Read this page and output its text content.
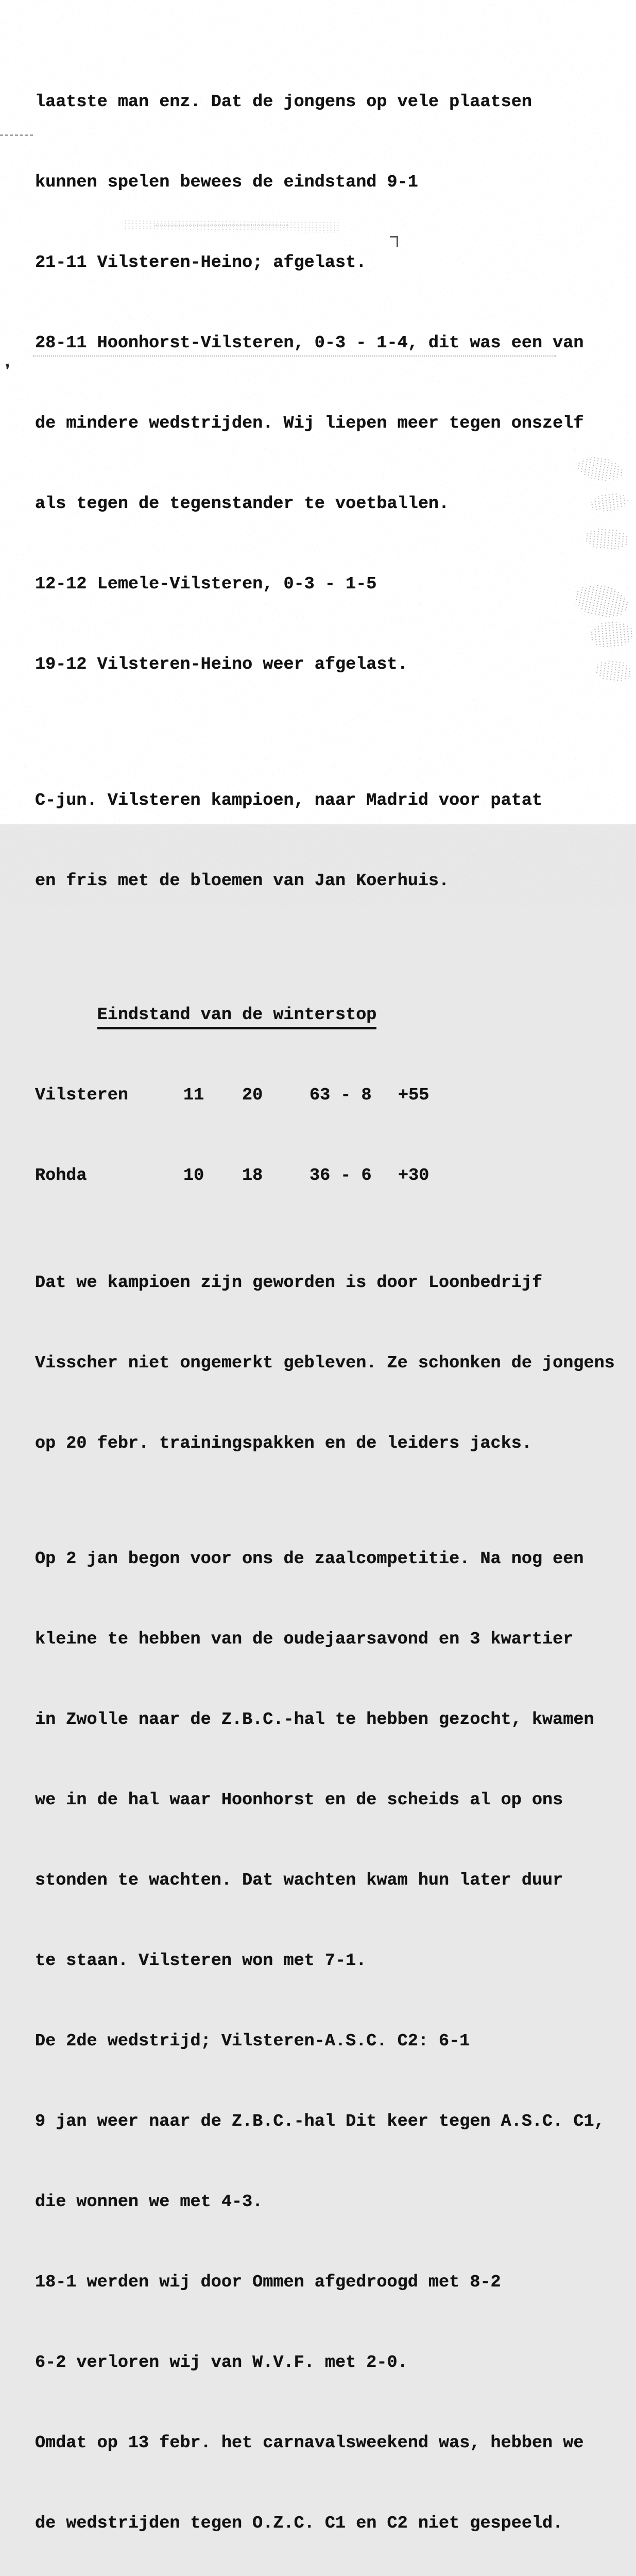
,

laatste man enz. Dat de jongens op vele plaatsen

kunnen spelen bewees de eindstand 9-1

21-11 Vilsteren-Heino; afgelast.

28-11 Hoonhorst-Vilsteren, 0-3 - 1-4, dit was een van

de mindere wedstrijden. Wij liepen meer tegen onszelf

als tegen de tegenstander te voetballen.

12-12 Lemele-Vilsteren, 0-3 - 1-5

19-12 Vilsteren-Heino weer afgelast.

C-jun. Vilsteren kampioen, naar Madrid voor patat

en fris met de bloemen van Jan Koerhuis.

Eindstand van de winterstop

Vilsteren	11	20	63 - 8	+55

Rohda	10	18	36 - 6	+30

Dat we kampioen zijn geworden is door Loonbedrijf

Visscher niet ongemerkt gebleven. Ze schonken de jongens

op 20 febr. trainingspakken en de leiders jacks.

Op 2 jan begon voor ons de zaalcompetitie. Na nog een

kleine te hebben van de oudejaarsavond en 3 kwartier

in Zwolle naar de Z.B.C.-hal te hebben gezocht, kwamen

we in de hal waar Hoonhorst en de scheids al op ons

stonden te wachten. Dat wachten kwam hun later duur

te staan. Vilsteren won met 7-1.

De 2de wedstrijd; Vilsteren-A.S.C. C2: 6-1

9 jan weer naar de Z.B.C.-hal Dit keer tegen A.S.C. C1,

die wonnen we met 4-3.

18-1 werden wij door Ommen afgedroogd met 8-2

6-2 verloren wij van W.V.F. met 2-0.

Omdat op 13 febr. het carnavalsweekend was, hebben we

de wedstrijden tegen O.Z.C. C1 en C2 niet gespeeld.
